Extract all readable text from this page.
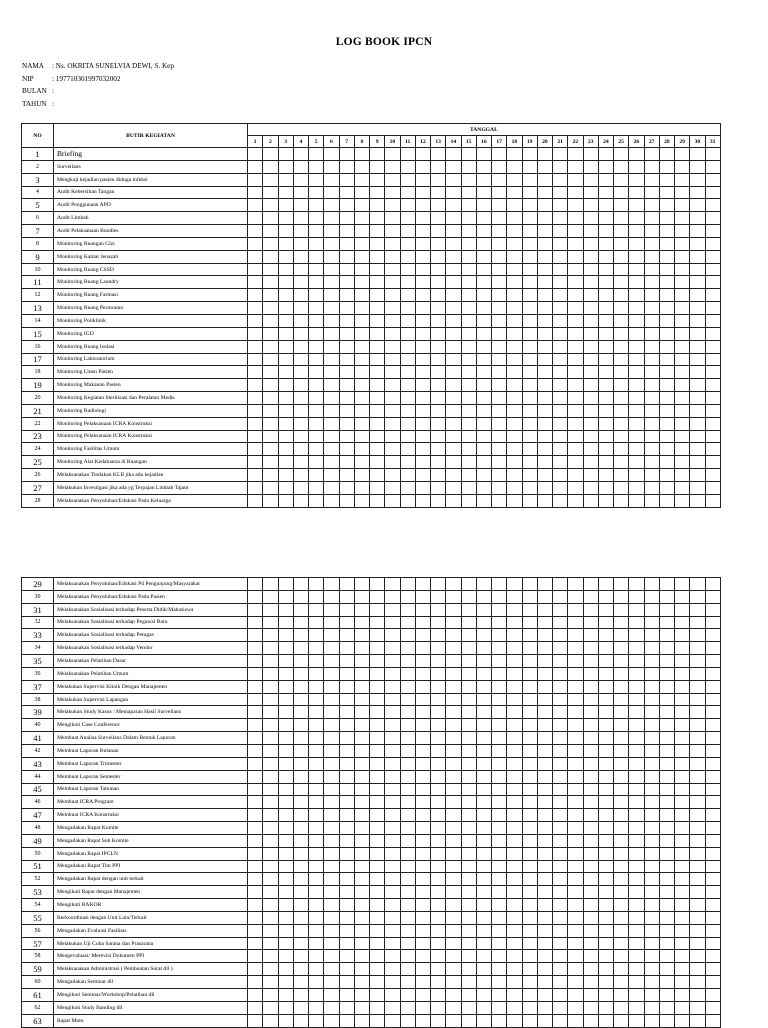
LOG BOOK IPCN
NAMA	: Ns. OKRITA SUNELVIA DEWI, S. Kep
NIP	: 197710301997032002
BULAN :
TAHUN :
NO	BUTIR KEGIATAN	TANGGAL																														
		1	2	3	4	5	6	7	8	9	10	11	12	13	14	15	16	17	18	19	20	21	22	23	24	25	26	27	28	29	30	31
1	Briefing																															
2	Surveilans																															
3	Mengkaji kejadian pasien diduga infeksi																															
4	Audit Kebersihan Tangan																															
5	Audit Penggunaan APD																															
6	Audit Limbah																															
7	Audit Pelaksanaan Bundles																															
8	Monitoring Ruangan Gizi																															
9	Monitoring Kamar Jenazah																															
10	Monitoring Ruang CSSD																															
11	Monitoring Ruang Laundry																															
12	Monitoring Ruang Farmasi																															
13	Monitoring Ruang Perawatan																															
14	Monitoring Poliklinik																															
15	Monitoring IGD																															
16	Monitoring Ruang Isolasi																															
17	Monitoring Laboratorium																															
18	Monitoring Linen Pasien																															
19	Monitoring Makanan Pasien																															
20	Monitoring Kegiatan Sterilisasi dan Peralatan Medis																															
21	Monitoring Radiologi																															
22	Monitoring Pelaksanaan ICRA Konstruksi																															
23	Monitoring Pelaksanaan ICRA Konstruksi																															
24	Monitoring Fasilitas Umum																															
25	Monitoring Alat Kedaluarsa di Ruangan																															
26	Melaksanakan Tindakan KLB jika ada kejadian																															
27	Melakukan Investigasi jika ada yg Terpajan Limbah Tajam																															
28	Melaksanakan Penyuluhan/Edukasi Pada Keluarga																															
29	Melaksanakan Penyuluhan/Edukasi Pd Pengunjung/Masyarakat																															
30	Melaksanakan Penyuluhan/Edukasi Pada Pasien																															
31	Melaksanakan Sosialisasi terhadap Peserta Didik/Mahasiswa																															
32	Melaksanakan Sosialisasi terhadap Pegawai Baru																															
33	Melaksanakan Sosialisasi terhadap Petugas																															
34	Melaksanakan Sosialisasi terhadap Vendor																															
35	Melaksanakan Pelatihan Dasar																															
36	Melaksanakan Pelatihan Umum																															
37	Melakukan Supervisi Klinik Dengan Manajemen																															
38	Melakukan Supervisi Lapangan																															
39	Melakukan Study Kasus / Memaparan Hasil Surveilans																															
40	Mengikuti Case Conference																															
41	Membuat Analisa Surveilans Dalam Bentuk Laporan																															
42	Membuat Laporan Bulanan																															
43	Membuat Laporan Trimester																															
44	Membuat Laporan Semester																															
45	Membuat Laporan Tahunan																															
46	Membuat ICRA Program																															
47	Membuat ICRA Konstruksi																															
48	Mengadakan Rapat Komite																															
49	Mengadakan Rapat Sub Komite																															
50	Mengadakan Rapat IPCLN																															
51	Mengadakan Rapat Tim PPI																															
52	Mengadakan Rapat dengan unit terkait																															
53	Mengikuti Rapat dengan Manajemen																															
54	Mengikuti RAKOR																															
55	Berkoordinasi dengan Unit Lain/Terkait																															
56	Mengadakan Evaluasi Fasilitas																															
57	Melakukan Uji Coba Sarana dan Prasarana																															
58	Mengevaluasi/ Merevisi Dokumen PPI																															
59	Melaksanakan Administrasi ( Pembuatan Surat dll )																															
60	Mengadakan Seminar dll																															
61	Mengikuti Seminar/Workshop/Pelatihan dll																															
62	Mengikuti Study Banding dll																															
63	Rapat Mutu																															
